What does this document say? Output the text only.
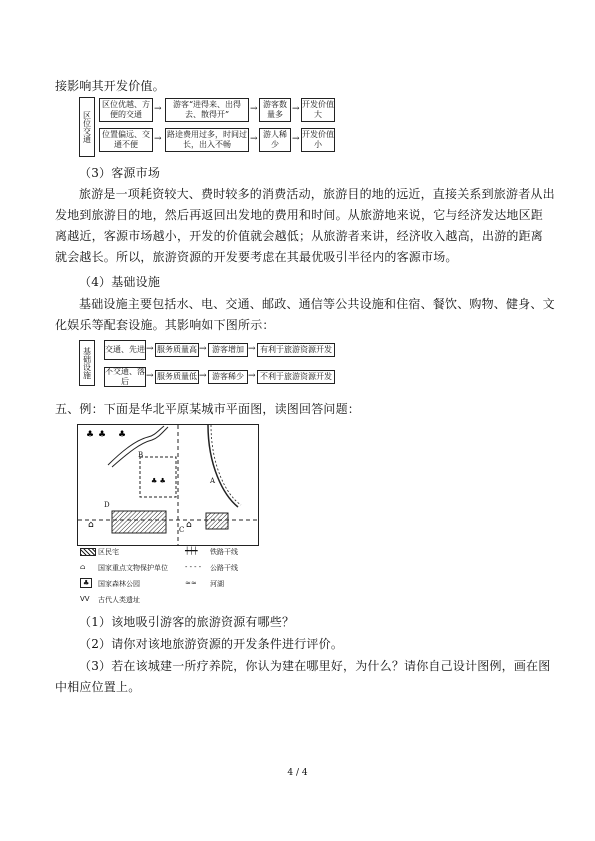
接影响其开发价值。
区位交通
区位优越、方便的交通
→	游客“进得来、出得去、散得开”
→ 游客数量多
→ 开发价值大
位置偏远、交通不便
→ 路途费用过多，时间过长，出入不畅
→ 游人稀少
→ 开发价值小
（3）客源市场
旅游是一项耗资较大、费时较多的消费活动，旅游目的地的远近，直接关系到旅游者从出发地到旅游目的地，然后再返回出发地的费用和时间。从旅游地来说，它与经济发达地区距离越近，客源市场越小，开发的价值就会越低；从旅游者来讲，经济收入越高，出游的距离就会越长。所以，旅游资源的开发要考虑在其最优吸引半径内的客源市场。
（4）基础设施
基础设施主要包括水、电、交通、邮政、通信等公共设施和住宿、餐饮、购物、健身、文化娱乐等配套设施。其影响如下图所示：
基础设施	交通、先进 → 服务质量高 → 游客增加 → 有利于旅游资源开发
不交通、落后
→ 服务质量低 → 游客稀少 → 不利于旅游资源开发
五、例：下面是华北平原某城市平面图，读图回答问题：
♣ ♣ ♣
♣ ♣
⌂	⌂
B
A
C
D
区民宅	┿┿┿ 铁路干线
⌂ 国家重点文物保护单位 - - - - 公路干线
♣	国家森林公园	≈≈ 河湖
ᐯᐯ 古代人类遗址
（1）该地吸引游客的旅游资源有哪些？
（2）请你对该地旅游资源的开发条件进行评价。
（3）若在该城建一所疗养院，你认为建在哪里好，为什么？请你自己设计图例，画在图中相应位置上。
4 / 4
